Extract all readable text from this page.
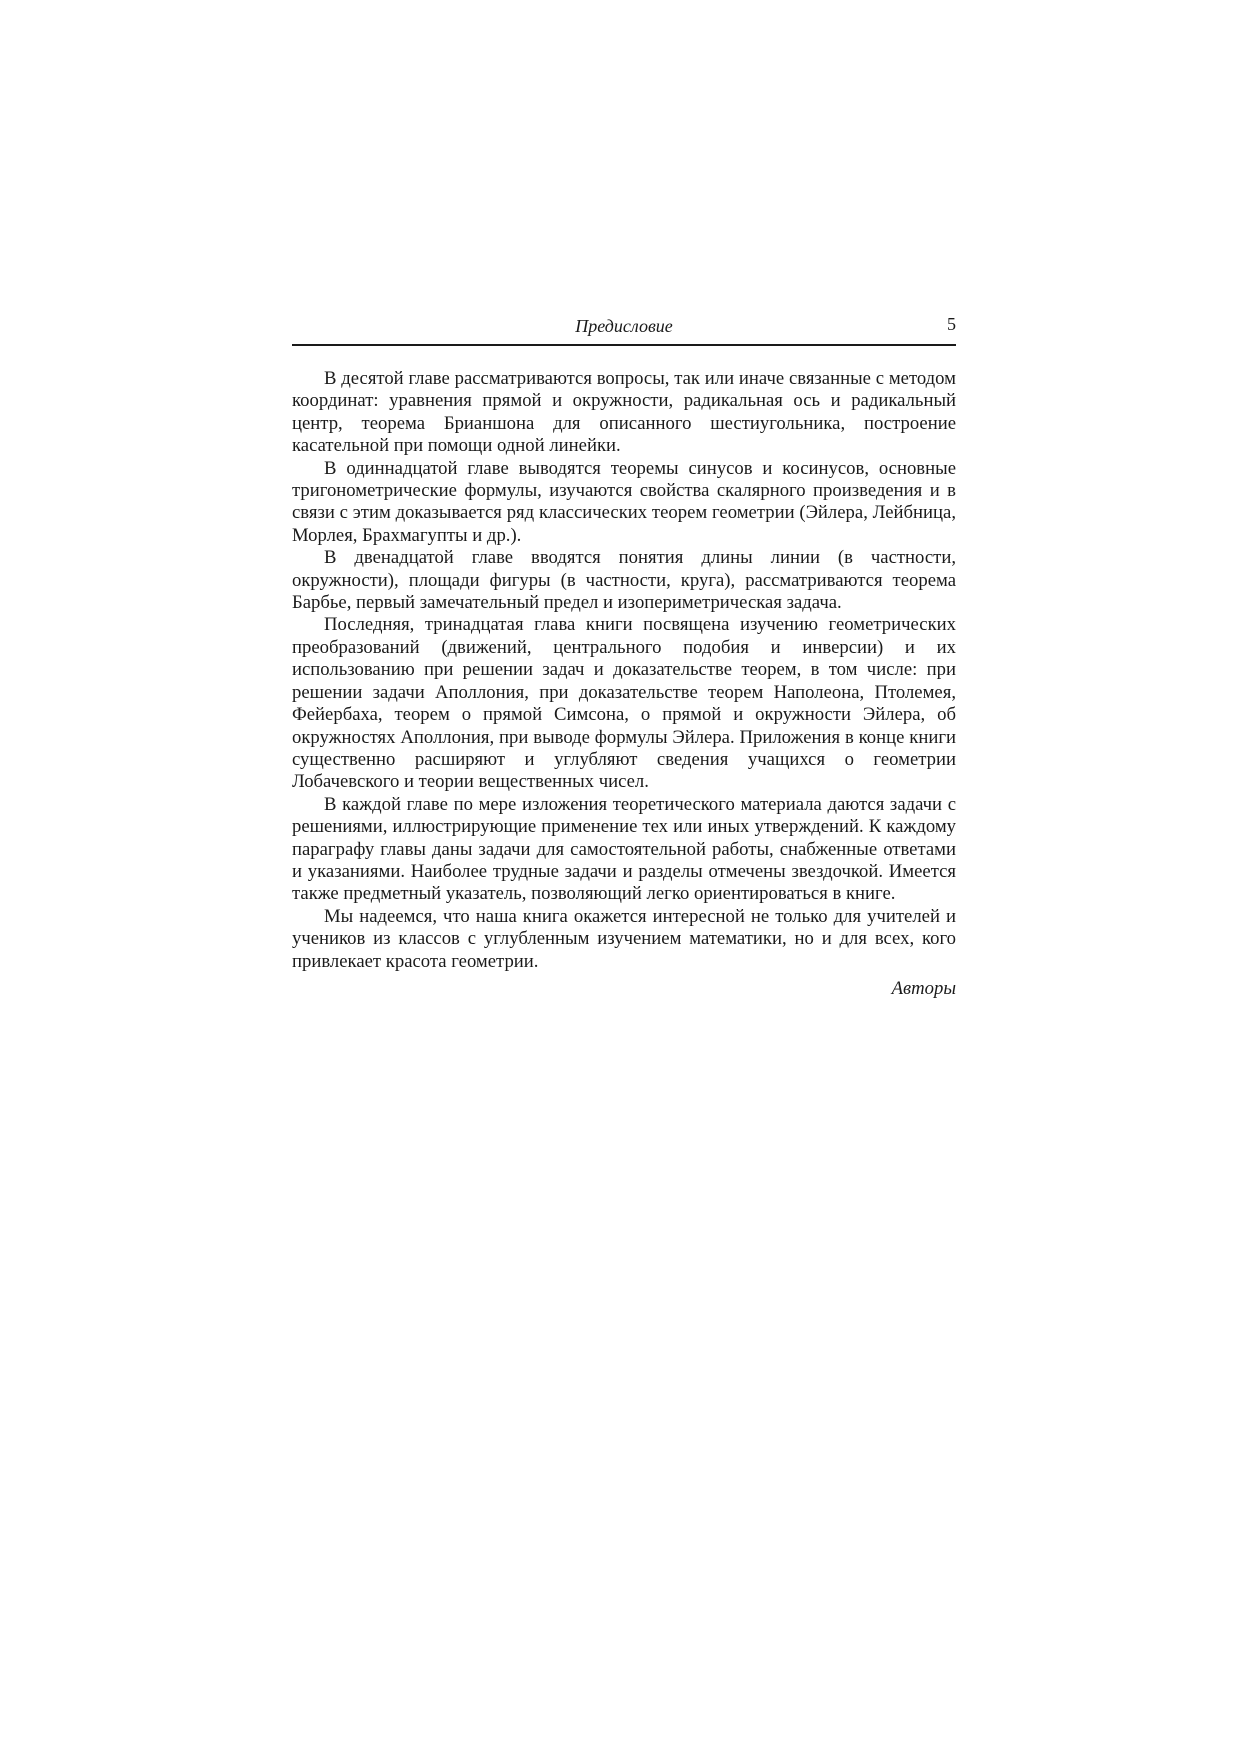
Предисловие	5

В десятой главе рассматриваются вопросы, так или иначе связанные с методом координат: уравнения прямой и окружности, радикальная ось и радикальный центр, теорема Брианшона для описанного шестиугольника, построение касательной при помощи одной линейки.

В одиннадцатой главе выводятся теоремы синусов и косинусов, основные тригонометрические формулы, изучаются свойства скалярного произведения и в связи с этим доказывается ряд классических теорем геометрии (Эйлера, Лейбница, Морлея, Брахмагупты и др.).

В двенадцатой главе вводятся понятия длины линии (в частности, окружности), площади фигуры (в частности, круга), рассматриваются теорема Барбье, первый замечательный предел и изопериметрическая задача.

Последняя, тринадцатая глава книги посвящена изучению геометрических преобразований (движений, центрального подобия и инверсии) и их использованию при решении задач и доказательстве теорем, в том числе: при решении задачи Аполлония, при доказательстве теорем Наполеона, Птолемея, Фейербаха, теорем о прямой Симсона, о прямой и окружности Эйлера, об окружностях Аполлония, при выводе формулы Эйлера. Приложения в конце книги существенно расширяют и углубляют сведения учащихся о геометрии Лобачевского и теории вещественных чисел.

В каждой главе по мере изложения теоретического материала даются задачи с решениями, иллюстрирующие применение тех или иных утверждений. К каждому параграфу главы даны задачи для самостоятельной работы, снабженные ответами и указаниями. Наиболее трудные задачи и разделы отмечены звездочкой. Имеется также предметный указатель, позволяющий легко ориентироваться в книге.

Мы надеемся, что наша книга окажется интересной не только для учителей и учеников из классов с углубленным изучением математики, но и для всех, кого привлекает красота геометрии.

Авторы
